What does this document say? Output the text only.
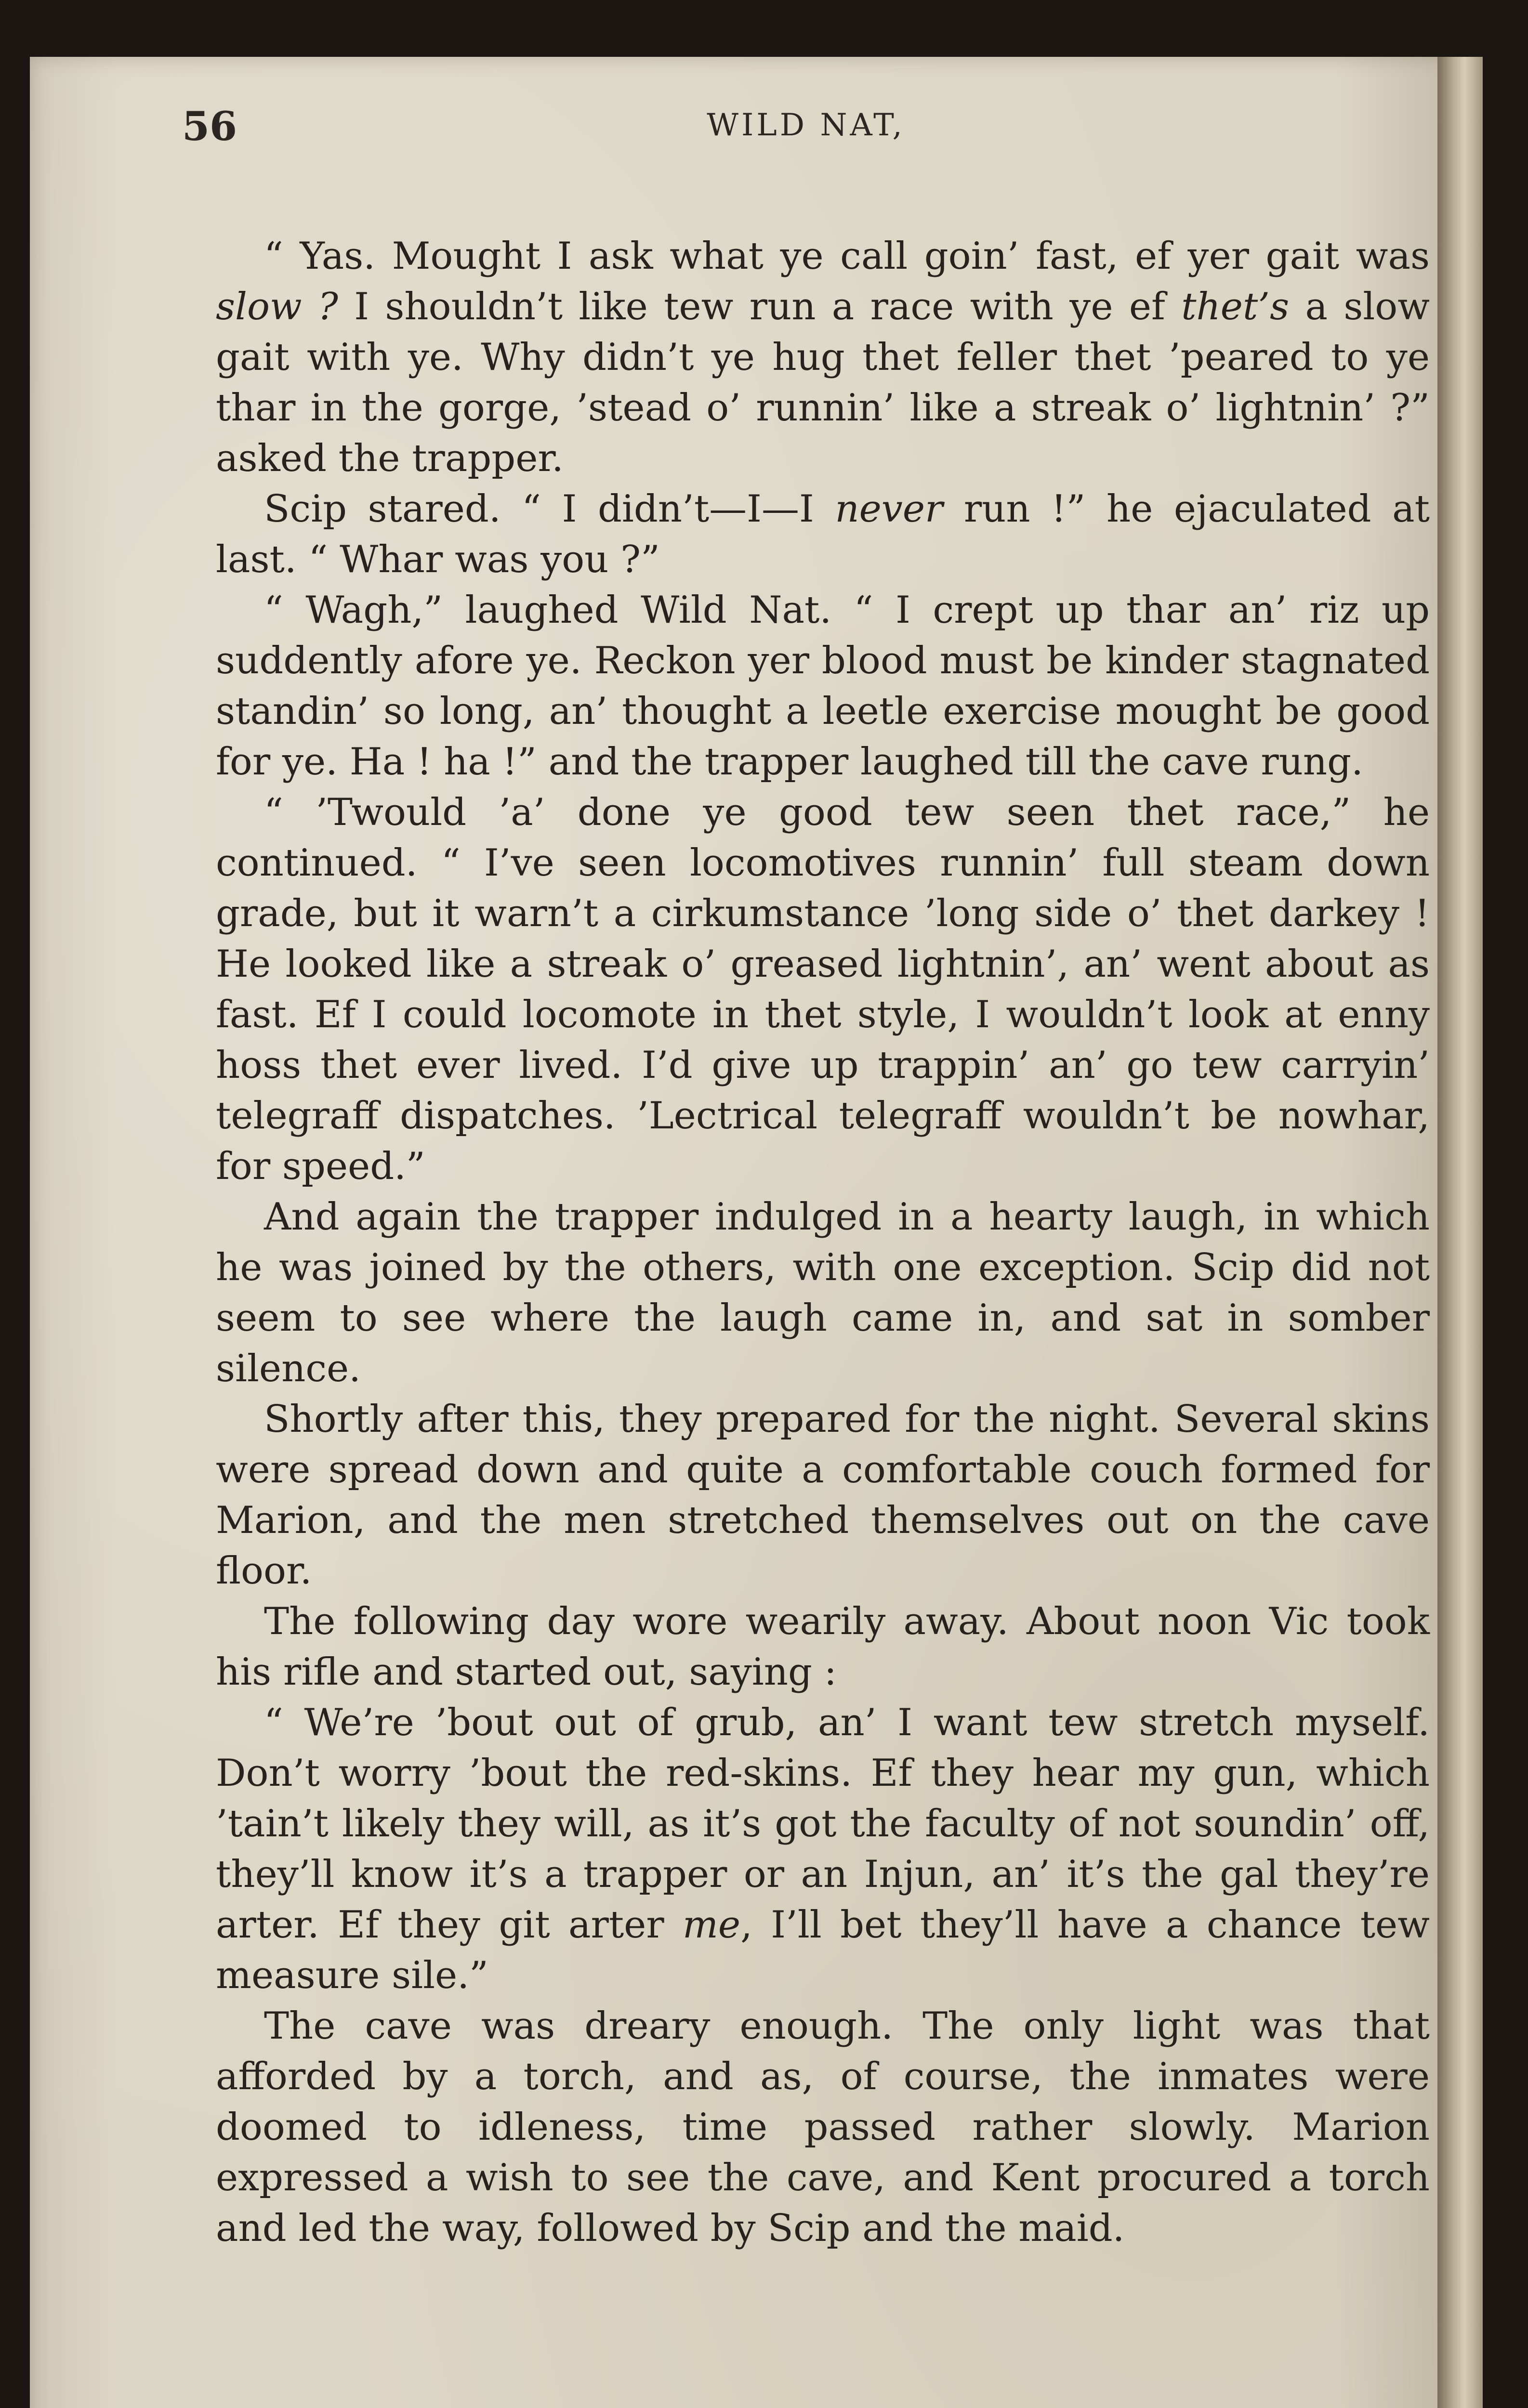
56	WILD NAT,

“ Yas. Mought I ask what ye call goin’ fast, ef yer gait was slow ? I shouldn’t like tew run a race with ye ef thet’s a slow gait with ye. Why didn’t ye hug thet feller thet ’peared to ye thar in the gorge, ’stead o’ runnin’ like a streak o’ lightnin’ ?” asked the trapper.

Scip stared. “ I didn’t—I—I never run !” he ejaculated at last. “ Whar was you ?”

“ Wagh,” laughed Wild Nat. “ I crept up thar an’ riz up suddently afore ye. Reckon yer blood must be kinder stagnated standin’ so long, an’ thought a leetle exercise mought be good for ye. Ha ! ha !” and the trapper laughed till the cave rung.

“ ’Twould ’a’ done ye good tew seen thet race,” he continued. “ I’ve seen locomotives runnin’ full steam down grade, but it warn’t a cirkumstance ’long side o’ thet darkey ! He looked like a streak o’ greased lightnin’, an’ went about as fast. Ef I could locomote in thet style, I wouldn’t look at enny hoss thet ever lived. I’d give up trappin’ an’ go tew carryin’ telegraff dispatches. ’Lectrical telegraff wouldn’t be nowhar, for speed.”

And again the trapper indulged in a hearty laugh, in which he was joined by the others, with one exception. Scip did not seem to see where the laugh came in, and sat in somber silence.

Shortly after this, they prepared for the night. Several skins were spread down and quite a comfortable couch formed for Marion, and the men stretched themselves out on the cave floor.

The following day wore wearily away. About noon Vic took his rifle and started out, saying :

“ We’re ’bout out of grub, an’ I want tew stretch myself. Don’t worry ’bout the red-skins. Ef they hear my gun, which ’tain’t likely they will, as it’s got the faculty of not soundin’ off, they’ll know it’s a trapper or an Injun, an’ it’s the gal they’re arter. Ef they git arter me, I’ll bet they’ll have a chance tew measure sile.”

The cave was dreary enough. The only light was that afforded by a torch, and as, of course, the inmates were doomed to idleness, time passed rather slowly. Marion expressed a wish to see the cave, and Kent procured a torch and led the way, followed by Scip and the maid.
